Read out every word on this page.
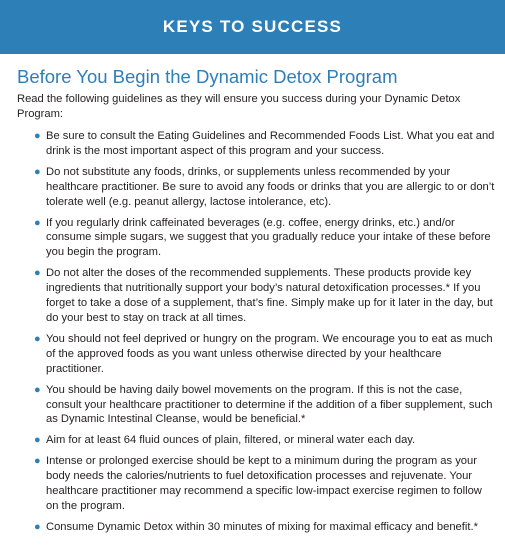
KEYS TO SUCCESS
Before You Begin the Dynamic Detox Program

Read the following guidelines as they will ensure you success during your Dynamic Detox Program:

● Be sure to consult the Eating Guidelines and Recommended Foods List. What you eat and drink is the most important aspect of this program and your success.
● Do not substitute any foods, drinks, or supplements unless recommended by your healthcare practitioner. Be sure to avoid any foods or drinks that you are allergic to or don’t tolerate well (e.g. peanut allergy, lactose intolerance, etc).
● If you regularly drink caffeinated beverages (e.g. coffee, energy drinks, etc.) and/or consume simple sugars, we suggest that you gradually reduce your intake of these before you begin the program.
● Do not alter the doses of the recommended supplements. These products provide key ingredients that nutritionally support your body’s natural detoxification processes.* If you forget to take a dose of a supplement, that’s fine. Simply make up for it later in the day, but do your best to stay on track at all times.
● You should not feel deprived or hungry on the program. We encourage you to eat as much of the approved foods as you want unless otherwise directed by your healthcare practitioner.
● You should be having daily bowel movements on the program. If this is not the case, consult your healthcare practitioner to determine if the addition of a fiber supplement, such as Dynamic Intestinal Cleanse, would be beneficial.*
● Aim for at least 64 fluid ounces of plain, filtered, or mineral water each day.
● Intense or prolonged exercise should be kept to a minimum during the program as your body needs the calories/nutrients to fuel detoxification processes and rejuvenate. Your healthcare practitioner may recommend a specific low-impact exercise regimen to follow on the program.
● Consume Dynamic Detox within 30 minutes of mixing for maximal efficacy and benefit.*
